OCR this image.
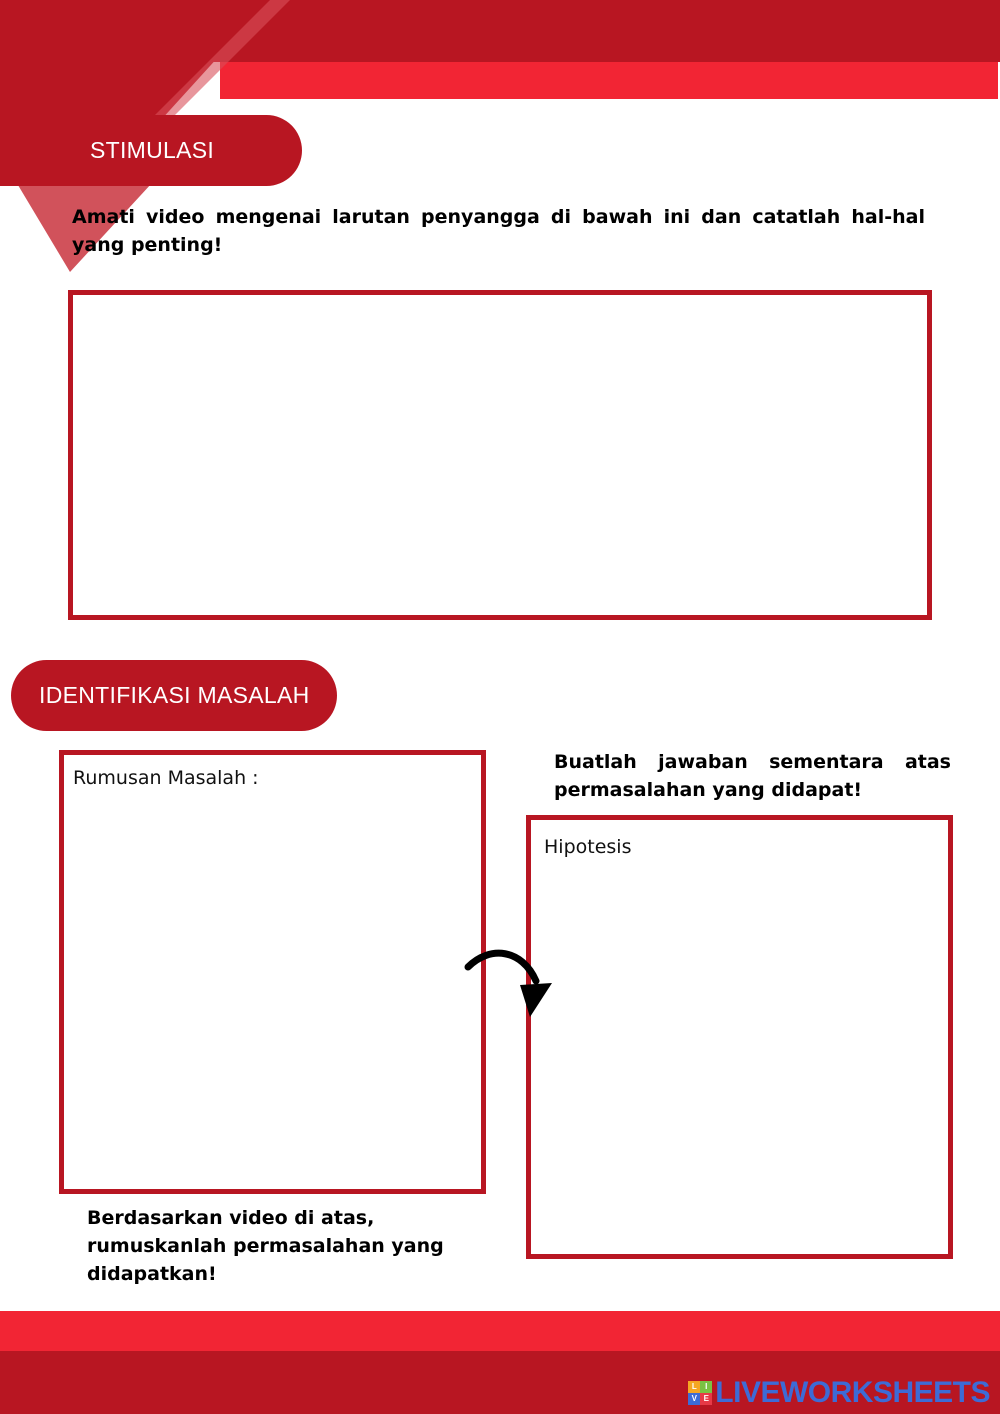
STIMULASI
Amati video mengenai larutan penyangga di bawah ini dan catatlah hal-hal yang penting!
IDENTIFIKASI MASALAH
Rumusan Masalah :
Buatlah jawaban sementara atas permasalahan yang didapat!
Hipotesis
Berdasarkan video di atas, rumuskanlah permasalahan yang didapatkan!
L	I
V E LIVEWORKSHEETS
